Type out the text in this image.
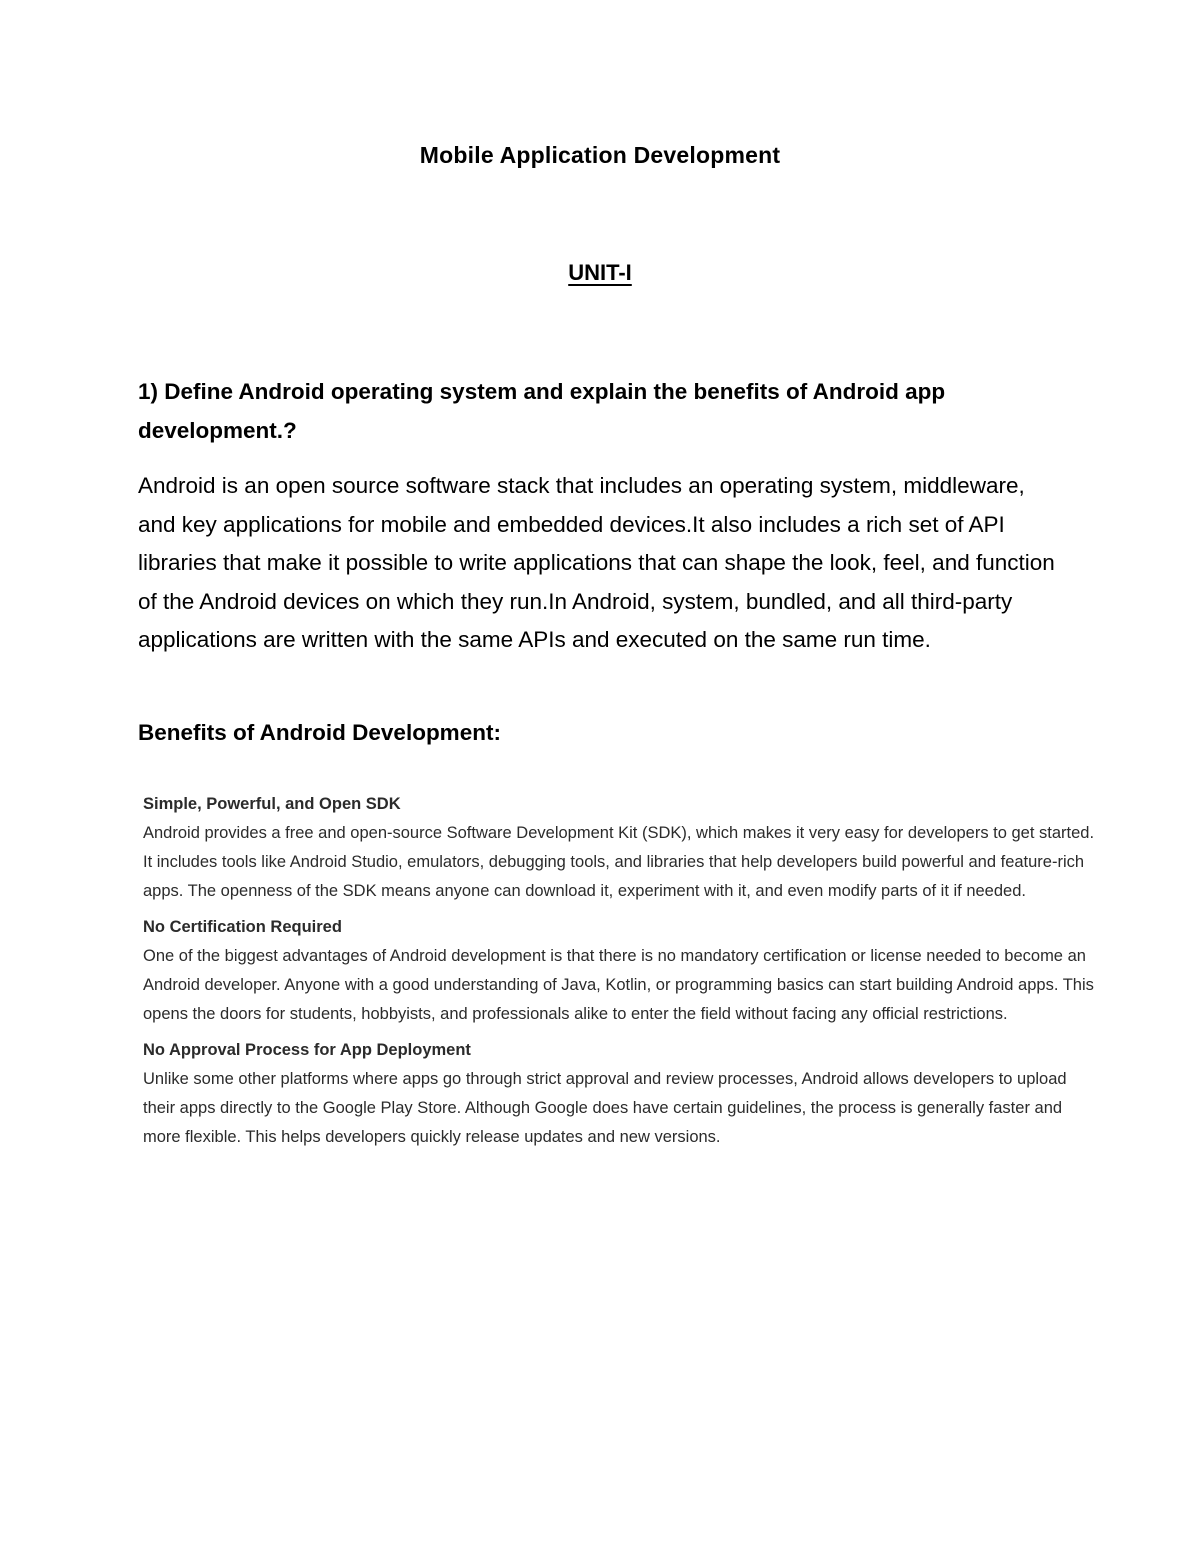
Mobile Application Development
UNIT-I

1) Define Android operating system and explain the benefits of Android app development.?

Android is an open source software stack that includes an operating system, middleware, and key applications for mobile and embedded devices.It also includes a rich set of API libraries that make it possible to write applications that can shape the look, feel, and function of the Android devices on which they run.In Android, system, bundled, and all third-party applications are written with the same APIs and executed on the same run time.

Benefits of Android Development:

Simple, Powerful, and Open SDK

Android provides a free and open-source Software Development Kit (SDK), which makes it very easy for developers to get started. It includes tools like Android Studio, emulators, debugging tools, and libraries that help developers build powerful and feature-rich apps. The openness of the SDK means anyone can download it, experiment with it, and even modify parts of it if needed.

No Certification Required

One of the biggest advantages of Android development is that there is no mandatory certification or license needed to become an Android developer. Anyone with a good understanding of Java, Kotlin, or programming basics can start building Android apps. This opens the doors for students, hobbyists, and professionals alike to enter the field without facing any official restrictions.

No Approval Process for App Deployment

Unlike some other platforms where apps go through strict approval and review processes, Android allows developers to upload their apps directly to the Google Play Store. Although Google does have certain guidelines, the process is generally faster and more flexible. This helps developers quickly release updates and new versions.
